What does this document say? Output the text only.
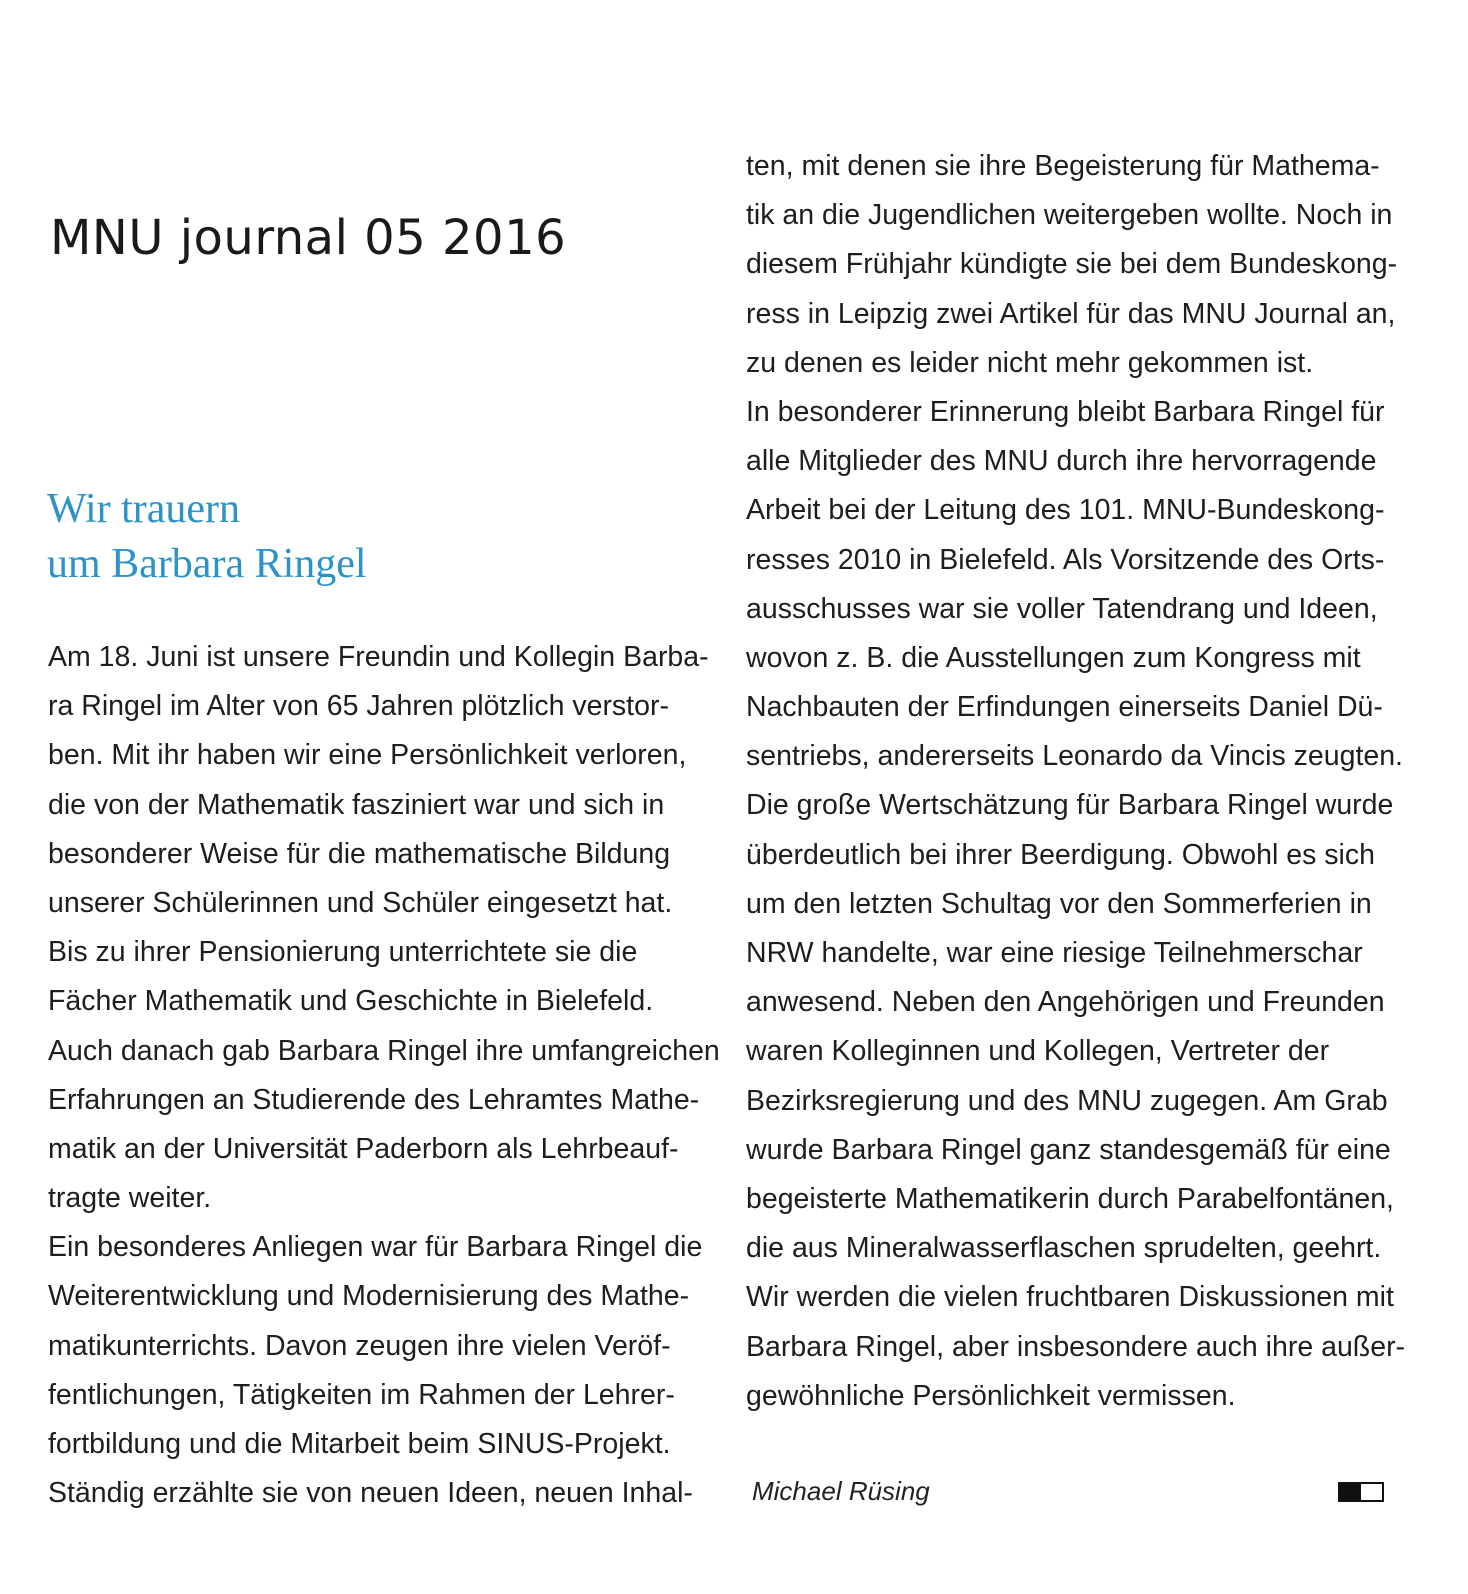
MNU journal 05 2016
Wir trauern
um Barbara Ringel
Am 18. Juni ist unsere Freundin und Kollegin Barba-
ra Ringel im Alter von 65 Jahren plötzlich verstor-
ben. Mit ihr haben wir eine Persönlichkeit verloren,
die von der Mathematik fasziniert war und sich in
besonderer Weise für die mathematische Bildung
unserer Schülerinnen und Schüler eingesetzt hat.
Bis zu ihrer Pensionierung unterrichtete sie die
Fächer Mathematik und Geschichte in Bielefeld.
Auch danach gab Barbara Ringel ihre umfangreichen
Erfahrungen an Studierende des Lehramtes Mathe-
matik an der Universität Paderborn als Lehrbeauf-
tragte weiter.
Ein besonderes Anliegen war für Barbara Ringel die
Weiterentwicklung und Modernisierung des Mathe-
matikunterrichts. Davon zeugen ihre vielen Veröf-
fentlichungen, Tätigkeiten im Rahmen der Lehrer-
fortbildung und die Mitarbeit beim SINUS-Projekt.
Ständig erzählte sie von neuen Ideen, neuen Inhal-
ten, mit denen sie ihre Begeisterung für Mathema-
tik an die Jugendlichen weitergeben wollte. Noch in
diesem Frühjahr kündigte sie bei dem Bundeskong-
ress in Leipzig zwei Artikel für das MNU Journal an,
zu denen es leider nicht mehr gekommen ist.
In besonderer Erinnerung bleibt Barbara Ringel für
alle Mitglieder des MNU durch ihre hervorragende
Arbeit bei der Leitung des 101. MNU-Bundeskong-
resses 2010 in Bielefeld. Als Vorsitzende des Orts-
ausschusses war sie voller Tatendrang und Ideen,
wovon z. B. die Ausstellungen zum Kongress mit
Nachbauten der Erfindungen einerseits Daniel Dü-
sentriebs, andererseits Leonardo da Vincis zeugten.
Die große Wertschätzung für Barbara Ringel wurde
überdeutlich bei ihrer Beerdigung. Obwohl es sich
um den letzten Schultag vor den Sommerferien in
NRW handelte, war eine riesige Teilnehmerschar
anwesend. Neben den Angehörigen und Freunden
waren Kolleginnen und Kollegen, Vertreter der
Bezirksregierung und des MNU zugegen. Am Grab
wurde Barbara Ringel ganz standesgemäß für eine
begeisterte Mathematikerin durch Parabelfontänen,
die aus Mineralwasserflaschen sprudelten, geehrt.
Wir werden die vielen fruchtbaren Diskussionen mit
Barbara Ringel, aber insbesondere auch ihre außer-
gewöhnliche Persönlichkeit vermissen.
Michael Rüsing
